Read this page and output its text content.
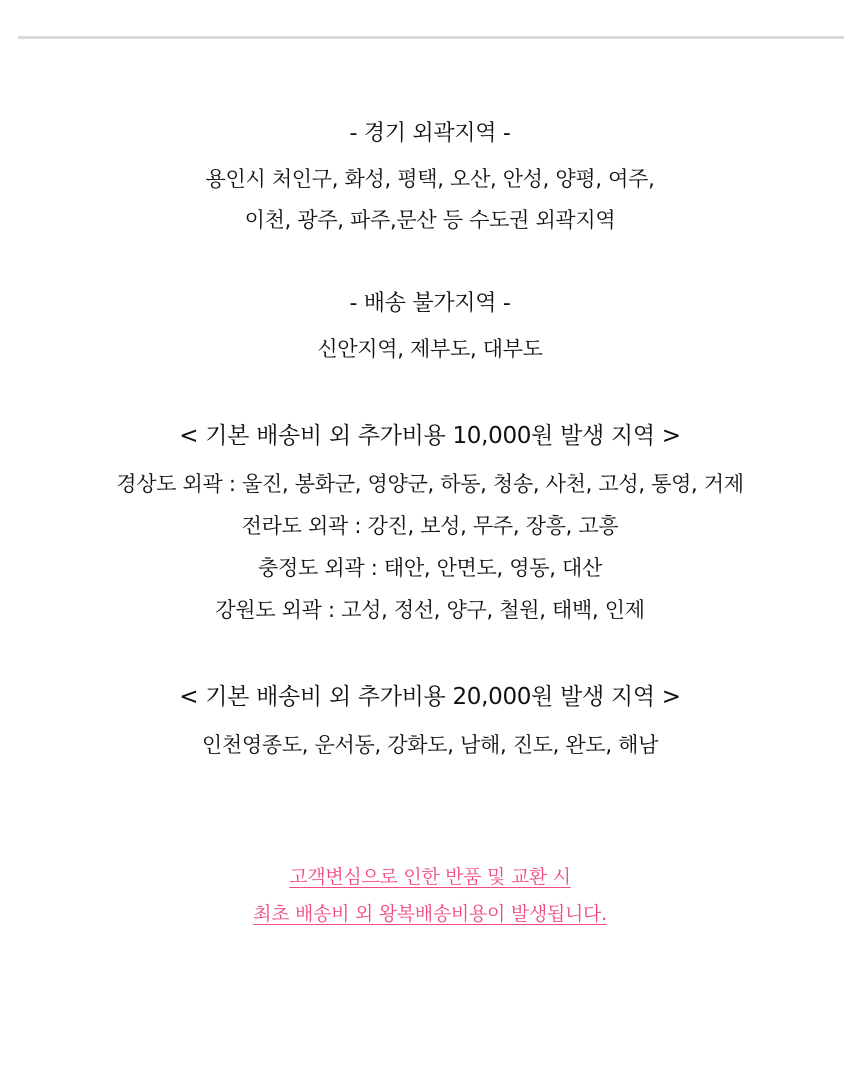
- 경기 외곽지역 -
용인시 처인구, 화성, 평택, 오산, 안성, 양평, 여주,
이천, 광주, 파주,문산 등 수도권 외곽지역
- 배송 불가지역 -
신안지역, 제부도, 대부도
< 기본 배송비 외 추가비용 10,000원 발생 지역 >
경상도 외곽 : 울진, 봉화군, 영양군, 하동, 청송, 사천, 고성, 통영, 거제
전라도 외곽 : 강진, 보성, 무주, 장흥, 고흥
충정도 외곽 : 태안, 안면도, 영동, 대산
강원도 외곽 : 고성, 정선, 양구, 철원, 태백, 인제
< 기본 배송비 외 추가비용 20,000원 발생 지역 >
인천영종도, 운서동, 강화도, 남해, 진도, 완도, 해남
고객변심으로 인한 반품 및 교환 시
최초 배송비 외 왕복배송비용이 발생됩니다.
